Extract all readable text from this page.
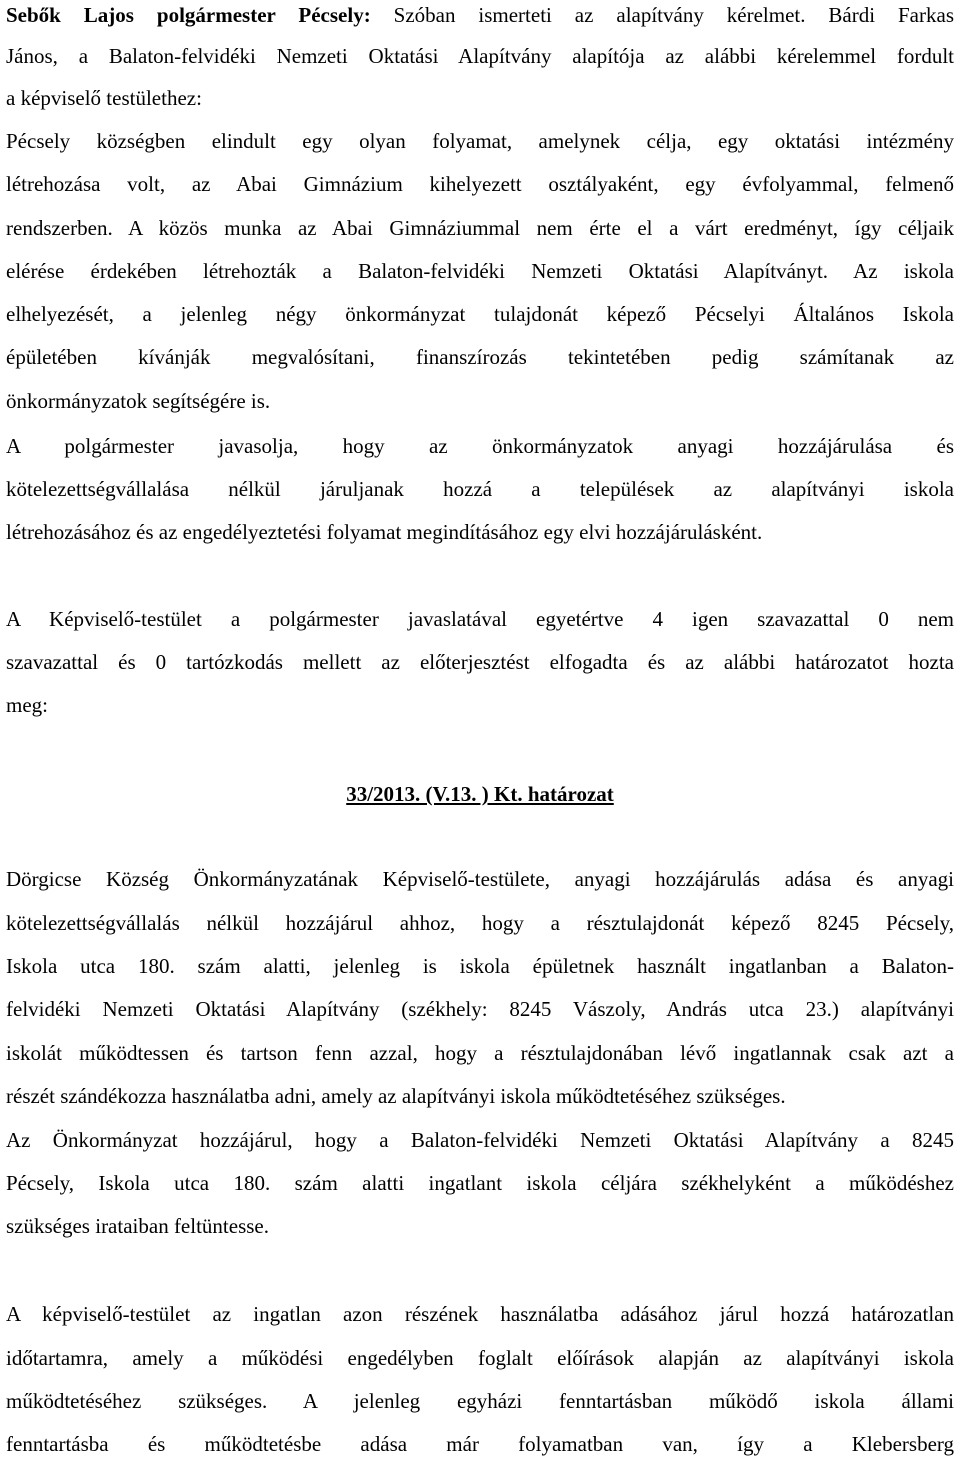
Sebők Lajos polgármester Pécsely: Szóban ismerteti az alapítvány kérelmet. Bárdi Farkas
János, a Balaton-felvidéki Nemzeti Oktatási Alapítvány alapítója az alábbi kérelemmel fordult
a képviselő testülethez:
Pécsely községben elindult egy olyan folyamat, amelynek célja, egy oktatási intézmény
létrehozása volt, az Abai Gimnázium kihelyezett osztályaként, egy évfolyammal, felmenő
rendszerben. A közös munka az Abai Gimnáziummal nem érte el a várt eredményt, így céljaik
elérése érdekében létrehozták a Balaton-felvidéki Nemzeti Oktatási Alapítványt. Az iskola
elhelyezését, a jelenleg négy önkormányzat tulajdonát képező Pécselyi Általános Iskola
épületében kívánják megvalósítani, finanszírozás tekintetében pedig számítanak az
önkormányzatok segítségére is.
A polgármester javasolja, hogy az önkormányzatok anyagi hozzájárulása és
kötelezettségvállalása nélkül járuljanak hozzá a települések az alapítványi iskola
létrehozásához és az engedélyeztetési folyamat megindításához egy elvi hozzájárulásként.
A Képviselő-testület a polgármester javaslatával egyetértve 4 igen szavazattal 0 nem
szavazattal és 0 tartózkodás mellett az előterjesztést elfogadta és az alábbi határozatot hozta
meg:
33/2013. (V.13. ) Kt. határozat
Dörgicse Község Önkormányzatának Képviselő-testülete, anyagi hozzájárulás adása és anyagi
kötelezettségvállalás nélkül hozzájárul ahhoz, hogy a résztulajdonát képező 8245 Pécsely,
Iskola utca 180. szám alatti, jelenleg is iskola épületnek használt ingatlanban a Balaton-
felvidéki Nemzeti Oktatási Alapítvány (székhely: 8245 Vászoly, András utca 23.) alapítványi
iskolát működtessen és tartson fenn azzal, hogy a résztulajdonában lévő ingatlannak csak azt a
részét szándékozza használatba adni, amely az alapítványi iskola működtetéséhez szükséges.
Az Önkormányzat hozzájárul, hogy a Balaton-felvidéki Nemzeti Oktatási Alapítvány a 8245
Pécsely, Iskola utca 180. szám alatti ingatlant iskola céljára székhelyként a működéshez
szükséges irataiban feltüntesse.
A képviselő-testület az ingatlan azon részének használatba adásához járul hozzá határozatlan
időtartamra, amely a működési engedélyben foglalt előírások alapján az alapítványi iskola
működtetéséhez szükséges. A jelenleg egyházi fenntartásban működő iskola állami
fenntartásba és működtetésbe adása már folyamatban van, így a Klebersberg
